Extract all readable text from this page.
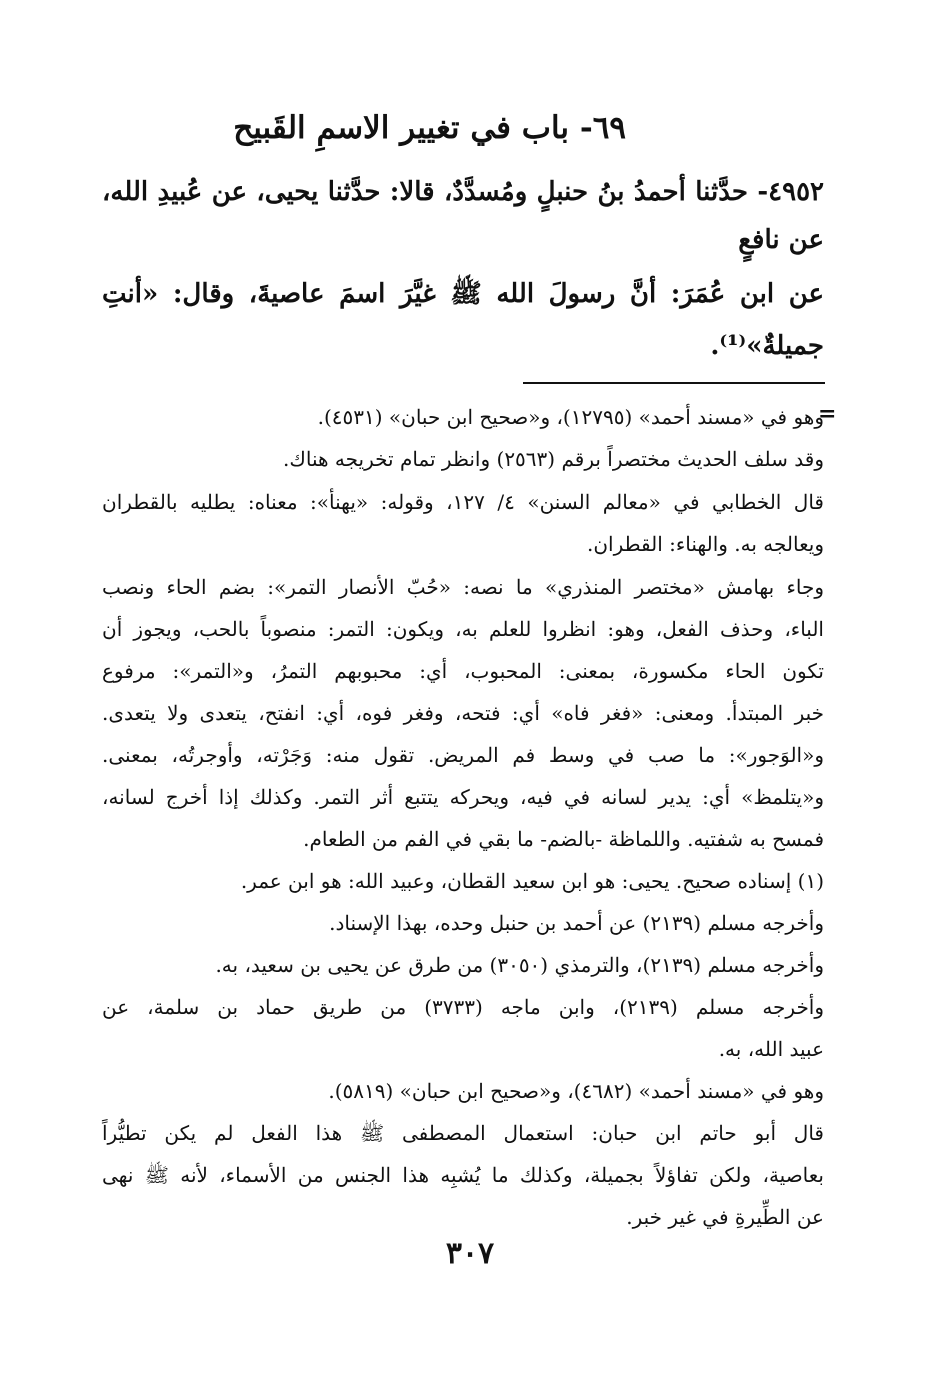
٦٩- باب في تغيير الاسمِ القَبيح
٤٩٥٢- حدَّثنا أحمدُ بنُ حنبلٍ ومُسدَّدٌ، قالا: حدَّثنا يحيى، عن عُبيدِ الله،
عن نافعٍ
عن ابن عُمَرَ: أنَّ رسولَ الله ﷺ غيَّرَ اسمَ عاصيةَ، وقال: «أنتِ
جميلةٌ»⁽¹⁾.
=
وهو في «مسند أحمد» (١٢٧٩٥)، و«صحيح ابن حبان» (٤٥٣١).
وقد سلف الحديث مختصراً برقم (٢٥٦٣) وانظر تمام تخريجه هناك.
قال الخطابي في «معالم السنن» ٤/ ١٢٧، وقوله: «يهنأ»: معناه: يطليه بالقطران
ويعالجه به. والهناء: القطران.
وجاء بهامش «مختصر المنذري» ما نصه: «حُبّ الأنصار التمر»: بضم الحاء ونصب
الباء، وحذف الفعل، وهو: انظروا للعلم به، ويكون: التمر: منصوباً بالحب، ويجوز أن
تكون الحاء مكسورة، بمعنى: المحبوب، أي: محبوبهم التمرُ، و«التمر»: مرفوع
خبر المبتدأ. ومعنى: «فغر فاه» أي: فتحه، وفغر فوه، أي: انفتح، يتعدى ولا يتعدى.
و«الوَجور»: ما صب في وسط فم المريض. تقول منه: وَجَرْته، وأوجرتُه، بمعنى.
و«يتلمظ» أي: يدير لسانه في فيه، ويحركه يتتبع أثر التمر. وكذلك إذا أخرج لسانه،
فمسح به شفتيه. واللماظة -بالضم- ما بقي في الفم من الطعام.
(١) إسناده صحيح. يحيى: هو ابن سعيد القطان، وعبيد الله: هو ابن عمر.
وأخرجه مسلم (٢١٣٩) عن أحمد بن حنبل وحده، بهذا الإسناد.
وأخرجه مسلم (٢١٣٩)، والترمذي (٣٠٥٠) من طرق عن يحيى بن سعيد، به.
وأخرجه مسلم (٢١٣٩)، وابن ماجه (٣٧٣٣) من طريق حماد بن سلمة، عن
عبيد الله، به.
وهو في «مسند أحمد» (٤٦٨٢)، و«صحيح ابن حبان» (٥٨١٩).
قال أبو حاتم ابن حبان: استعمال المصطفى ﷺ هذا الفعل لم يكن تطيُّراً
بعاصية، ولكن تفاؤلاً بجميلة، وكذلك ما يُشبِه هذا الجنس من الأسماء، لأنه ﷺ نهى
عن الطِّيرةِ في غير خبر.
٣٠٧
